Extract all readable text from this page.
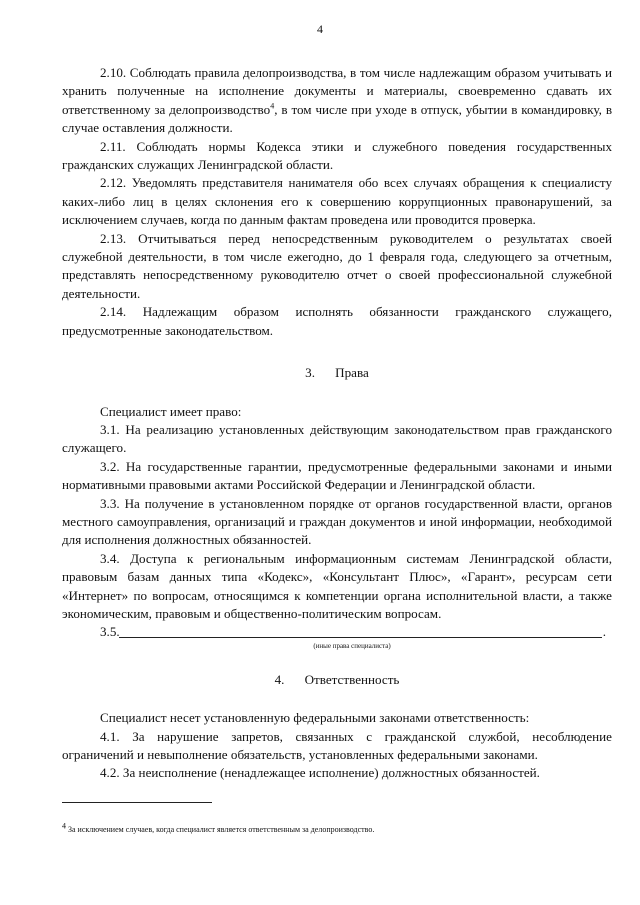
4

2.10. Соблюдать правила делопроизводства, в том числе надлежащим образом учитывать и хранить полученные на исполнение документы и материалы, своевременно сдавать их ответственному за делопроизводство$^4$, в том числе при уходе в отпуск, убытии в командировку, в случае оставления должности.

2.11. Соблюдать нормы Кодекса этики и служебного поведения государственных гражданских служащих Ленинградской области.

2.12. Уведомлять представителя нанимателя обо всех случаях обращения к специалисту каких-либо лиц в целях склонения его к совершению коррупционных правонарушений, за исключением случаев, когда по данным фактам проведена или проводится проверка.

2.13. Отчитываться перед непосредственным руководителем о результатах своей служебной деятельности, в том числе ежегодно, до 1 февраля года, следующего за отчетным, представлять непосредственному руководителю отчет о своей профессиональной служебной деятельности.

2.14. Надлежащим образом исполнять обязанности гражданского служащего, предусмотренные законодательством.

3. Права

Специалист имеет право:

3.1. На реализацию установленных действующим законодательством прав гражданского служащего.

3.2. На государственные гарантии, предусмотренные федеральными законами и иными нормативными правовыми актами Российской Федерации и Ленинградской области.

3.3. На получение в установленном порядке от органов государственной власти, органов местного самоуправления, организаций и граждан документов и иной информации, необходимой для исполнения должностных обязанностей.

3.4. Доступа к региональным информационным системам Ленинградской области, правовым базам данных типа «Кодекс», «Консультант Плюс», «Гарант», ресурсам сети «Интернет» по вопросам, относящимся к компетенции органа исполнительной власти, а также экономическим, правовым и общественно-политическим вопросам.

3.5.	.

(иные права специалиста)

4. Ответственность

Специалист несет установленную федеральными законами ответственность:

4.1. За нарушение запретов, связанных с гражданской службой, несоблюдение ограничений и невыполнение обязательств, установленных федеральными законами.

4.2. За неисполнение (ненадлежащее исполнение) должностных обязанностей.

$^4$ За исключением случаев, когда специалист является ответственным за делопроизводство.
